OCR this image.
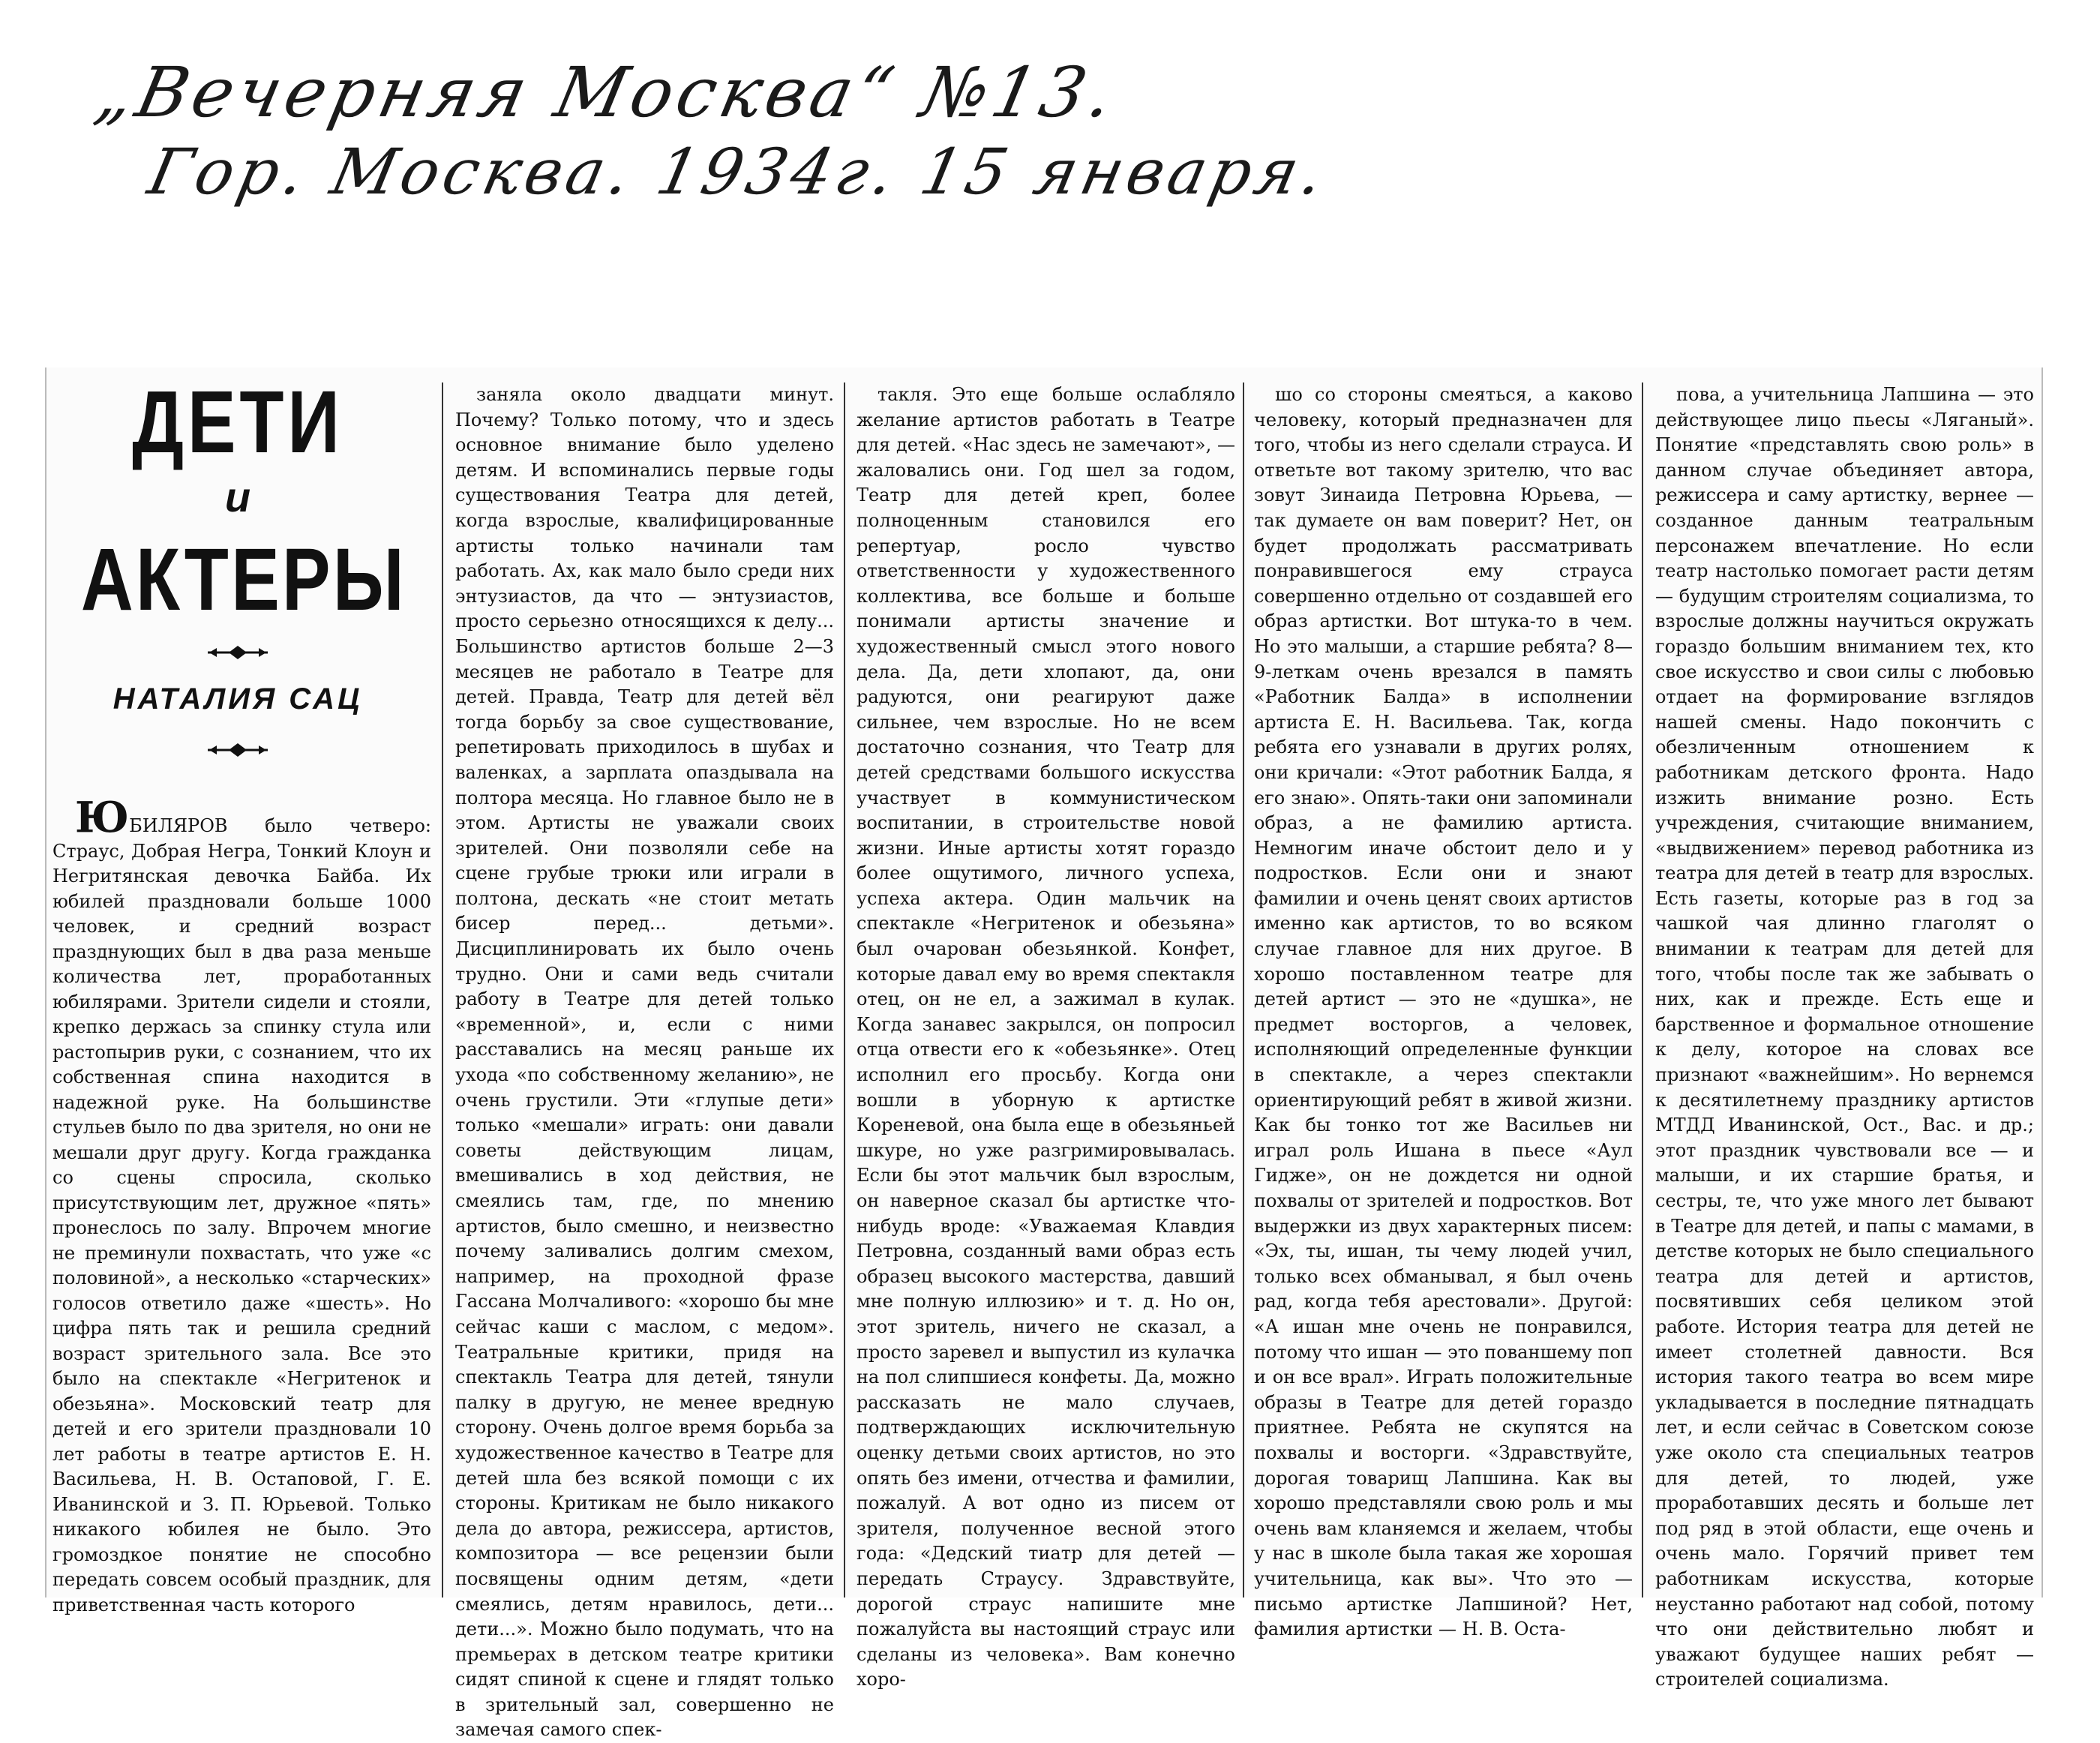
„Вечерняя Москва“ №13.
Гор. Москва. 1934г. 15 января.
ДЕТИ
и
АКТЕРЫ
НАТАЛИЯ САЦ
ЮБИЛЯРОВ было четверо: Страус, Добрая Негра, Тонкий Клоун и Негритянская девочка Байба. Их юбилей праздновали больше 1000 человек, и средний возраст празднующих был в два раза меньше количества лет, проработанных юбилярами. Зрители сидели и стояли, крепко держась за спинку стула или растопырив руки, с сознанием, что их собственная спина находится в надежной руке. На большинстве стульев было по два зрителя, но они не мешали друг другу. Когда гражданка со сцены спросила, сколько присутствующим лет, дружное «пять» пронеслось по залу. Впрочем многие не преминули похвастать, что уже «с половиной», а несколько «старческих» голосов ответило даже «шесть». Но цифра пять так и решила средний возраст зрительного зала. Все это было на спектакле «Негритенок и обезьяна». Московский театр для детей и его зрители праздновали 10 лет работы в театре артистов Е. Н. Васильева, Н. В. Остаповой, Г. Е. Иванинской и З. П. Юрьевой. Только никакого юбилея не было. Это громоздкое понятие не способно передать совсем особый праздник, для приветственная часть которого
заняла около двадцати минут. Почему? Только потому, что и здесь основное внимание было уделено детям. И вспоминались первые годы существования Театра для детей, когда взрослые, квалифицированные артисты только начинали там работать. Ах, как мало было среди них энтузиастов, да что — энтузиастов, просто серьезно относящихся к делу... Большинство артистов больше 2—3 месяцев не работало в Театре для детей. Правда, Театр для детей вёл тогда борьбу за свое существование, репетировать приходилось в шубах и валенках, а зарплата опаздывала на полтора месяца. Но главное было не в этом. Артисты не уважали своих зрителей. Они позволяли себе на сцене грубые трюки или играли в полтона, дескать «не стоит метать бисер перед... детьми». Дисциплинировать их было очень трудно. Они и сами ведь считали работу в Театре для детей только «временной», и, если с ними расставались на месяц раньше их ухода «по собственному желанию», не очень грустили. Эти «глупые дети» только «мешали» играть: они давали советы действующим лицам, вмешивались в ход действия, не смеялись там, где, по мнению артистов, было смешно, и неизвестно почему заливались долгим смехом, например, на проходной фразе Гассана Молчаливого: «хорошо бы мне сейчас каши с маслом, с медом». Театральные критики, придя на спектакль Театра для детей, тянули палку в другую, не менее вредную сторону. Очень долгое время борьба за художественное качество в Театре для детей шла без всякой помощи с их стороны. Критикам не было никакого дела до автора, режиссера, артистов, композитора — все рецензии были посвящены одним детям, «дети смеялись, детям нравилось, дети... дети...». Можно было подумать, что на премьерах в детском театре критики сидят спиной к сцене и глядят только в зрительный зал, совершенно не замечая самого спек-
такля. Это еще больше ослабляло желание артистов работать в Театре для детей. «Нас здесь не замечают», — жаловались они. Год шел за годом, Театр для детей креп, более полноценным становился его репертуар, росло чувство ответственности у художественного коллектива, все больше и больше понимали артисты значение и художественный смысл этого нового дела. Да, дети хлопают, да, они радуются, они реагируют даже сильнее, чем взрослые. Но не всем достаточно сознания, что Театр для детей средствами большого искусства участвует в коммунистическом воспитании, в строительстве новой жизни. Иные артисты хотят гораздо более ощутимого, личного успеха, успеха актера. Один мальчик на спектакле «Негритенок и обезьяна» был очарован обезьянкой. Конфет, которые давал ему во время спектакля отец, он не ел, а зажимал в кулак. Когда занавес закрылся, он попросил отца отвести его к «обезьянке». Отец исполнил его просьбу. Когда они вошли в уборную к артистке Кореневой, она была еще в обезьяньей шкуре, но уже разгримировывалась. Если бы этот мальчик был взрослым, он наверное сказал бы артистке что-нибудь вроде: «Уважаемая Клавдия Петровна, созданный вами образ есть образец высокого мастерства, давший мне полную иллюзию» и т. д. Но он, этот зритель, ничего не сказал, а просто заревел и выпустил из кулачка на пол слипшиеся конфеты. Да, можно рассказать не мало случаев, подтверждающих исключительную оценку детьми своих артистов, но это опять без имени, отчества и фамилии, пожалуй. А вот одно из писем от зрителя, полученное весной этого года: «Дедский тиатр для детей — передать Страусу. Здравствуйте, дорогой страус напишите мне пожалуйста вы настоящий страус или сделаны из человека». Вам конечно хоро-
шо со стороны смеяться, а каково человеку, который предназначен для того, чтобы из него сделали страуса. И ответьте вот такому зрителю, что вас зовут Зинаида Петровна Юрьева, — так думаете он вам поверит? Нет, он будет продолжать рассматривать понравившегося ему страуса совершенно отдельно от создавшей его образ артистки. Вот штука-то в чем. Но это малыши, а старшие ребята? 8—9-леткам очень врезался в память «Работник Балда» в исполнении артиста Е. Н. Васильева. Так, когда ребята его узнавали в других ролях, они кричали: «Этот работник Балда, я его знаю». Опять-таки они запоминали образ, а не фамилию артиста. Немногим иначе обстоит дело и у подростков. Если они и знают фамилии и очень ценят своих артистов именно как артистов, то во всяком случае главное для них другое. В хорошо поставленном театре для детей артист — это не «душка», не предмет восторгов, а человек, исполняющий определенные функции в спектакле, а через спектакли ориентирующий ребят в живой жизни. Как бы тонко тот же Васильев ни играл роль Ишана в пьесе «Аул Гидже», он не дождется ни одной похвалы от зрителей и подростков. Вот выдержки из двух характерных писем: «Эх, ты, ишан, ты чему людей учил, только всех обманывал, я был очень рад, когда тебя арестовали». Другой: «А ишан мне очень не понравился, потому что ишан — это пованшему поп и он все врал». Играть положительные образы в Театре для детей гораздо приятнее. Ребята не скупятся на похвалы и восторги. «Здравствуйте, дорогая товарищ Лапшина. Как вы хорошо представляли свою роль и мы очень вам кланяемся и желаем, чтобы у нас в школе была такая же хорошая учительница, как вы». Что это — письмо артистке Лапшиной? Нет, фамилия артистки — Н. В. Оста-
пова, а учительница Лапшина — это действующее лицо пьесы «Ляганый». Понятие «представлять свою роль» в данном случае объединяет автора, режиссера и саму артистку, вернее — созданное данным театральным персонажем впечатление. Но если театр настолько помогает расти детям — будущим строителям социализма, то взрослые должны научиться окружать гораздо большим вниманием тех, кто свое искусство и свои силы с любовью отдает на формирование взглядов нашей смены. Надо покончить с обезличенным отношением к работникам детского фронта. Надо изжить внимание розно. Есть учреждения, считающие вниманием, «выдвижением» перевод работника из театра для детей в театр для взрослых. Есть газеты, которые раз в год за чашкой чая длинно глаголят о внимании к театрам для детей для того, чтобы после так же забывать о них, как и прежде. Есть еще и барственное и формальное отношение к делу, которое на словах все признают «важнейшим». Но вернемся к десятилетнему празднику артистов МТДД Иванинской, Ост., Вас. и др.; этот праздник чувствовали все — и малыши, и их старшие братья, и сестры, те, что уже много лет бывают в Театре для детей, и папы с мамами, в детстве которых не было специального театра для детей и артистов, посвятивших себя целиком этой работе. История театра для детей не имеет столетней давности. Вся история такого театра во всем мире укладывается в последние пятнадцать лет, и если сейчас в Советском союзе уже около ста специальных театров для детей, то людей, уже проработавших десять и больше лет под ряд в этой области, еще очень и очень мало. Горячий привет тем работникам искусства, которые неустанно работают над собой, потому что они действительно любят и уважают будущее наших ребят — строителей социализма.
